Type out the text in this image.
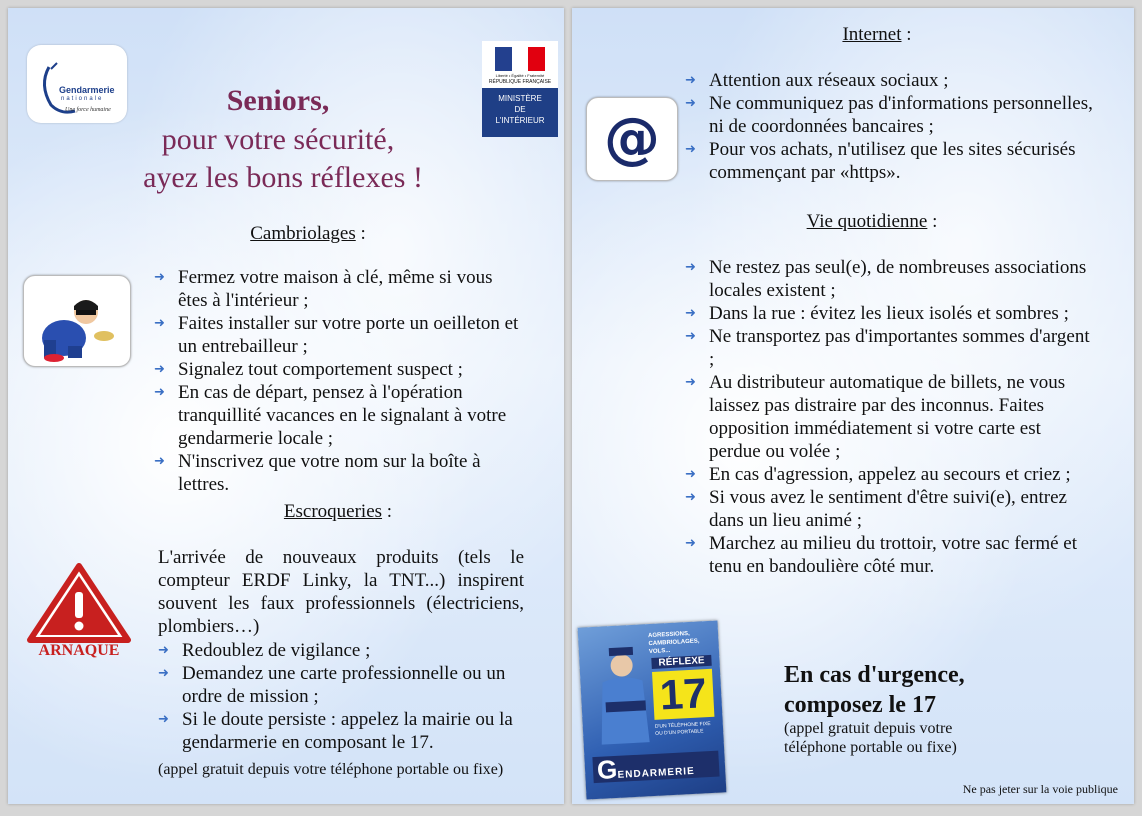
Gendarmerie
nationale
Une force humaine
Liberté • Égalité • Fraternité
RÉPUBLIQUE FRANÇAISE
MINISTÈRE
DE
L'INTÉRIEUR
Seniors,
pour votre sécurité,
ayez les bons réflexes !
Cambriolages :
➜ Fermez votre maison à clé, même si vous êtes à l'intérieur ;
➜ Faites installer sur votre porte un oeilleton et un entrebailleur ;
➜ Signalez tout comportement suspect ;
➜ En cas de départ, pensez à l'opération tranquillité vacances en le signalant à votre gendarmerie locale ;
➜ N'inscrivez que votre nom sur la boîte à lettres.
Escroqueries :
ARNAQUE
L'arrivée de nouveaux produits (tels le compteur ERDF Linky, la TNT...) inspirent souvent les faux professionnels (électriciens, plombiers…)
➜ Redoublez de vigilance ;
➜ Demandez une carte professionnelle ou un ordre de mission ;
➜ Si le doute persiste : appelez la mairie ou la gendarmerie en composant le 17.
(appel gratuit depuis votre téléphone portable ou fixe)
Internet :
@
➜ Attention aux réseaux sociaux ;
➜ Ne communiquez pas d'informations personnelles, ni de coordonnées bancaires ;
➜ Pour vos achats, n'utilisez que les sites sécurisés commençant par «https».
Vie quotidienne :
➜ Ne restez pas seul(e), de nombreuses associations locales existent ;
➜ Dans la rue : évitez les lieux isolés et sombres ;
➜ Ne transportez pas d'importantes sommes d'argent ;
➜ Au distributeur automatique de billets, ne vous laissez pas distraire par des inconnus. Faites opposition immédiatement si votre carte est perdue ou volée ;
➜ En cas d'agression, appelez au secours et criez ;
➜ Si vous avez le sentiment d'être suivi(e), entrez dans un lieu animé ;
➜ Marchez au milieu du trottoir, votre sac fermé et tenu en bandoulière côté mur.
AGRESSIONS, CAMBRIOLAGES, VOLS...
RÉFLEXE
17
D'UN TÉLÉPHONE FIXE OU D'UN PORTABLE
GENDARMERIE
En cas d'urgence,
composez le 17
(appel gratuit depuis votre
téléphone portable ou fixe)
Ne pas jeter sur la voie publique
